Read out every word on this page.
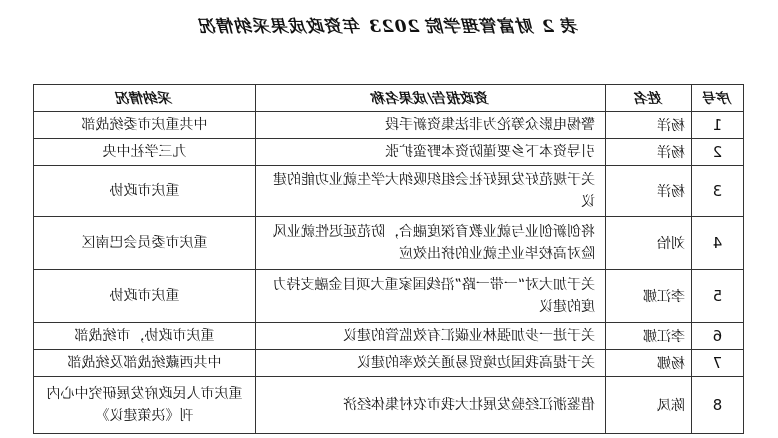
表 2 财富管理学院 2023 年资政成果采纳情况
序号	姓名	资政报告/成果名称	采纳情况
1	杨洋	警惕电影众筹沦为非法集资新手段	中共重庆市委统战部
2	杨洋	引导资本下乡要谨防资本野蛮扩张	九三学社中央
3	杨洋	关于规范好发展好社会组织吸纳大学生就业功能的建议	重庆市政协
4	刘怡	将创新创业与就业教育深度融合，防范延迟性就业风险对高校毕业生就业的挤出效应	重庆市委员会巴南区
5	李江娜	关于加大对“一带一路”沿线国家重大项目金融支持力度的建议	重庆市政协
6	李江娜	关于进一步加强林业碳汇有效监管的建议	重庆市政协，市统战部
7	杨娜	关于提高我国边境贸易通关效率的建议	中共西藏统战部及统战部
8	陈凤	借鉴浙江经验发展壮大我市农村集体经济	重庆市人民政府发展研究中心内刊《决策建议》
